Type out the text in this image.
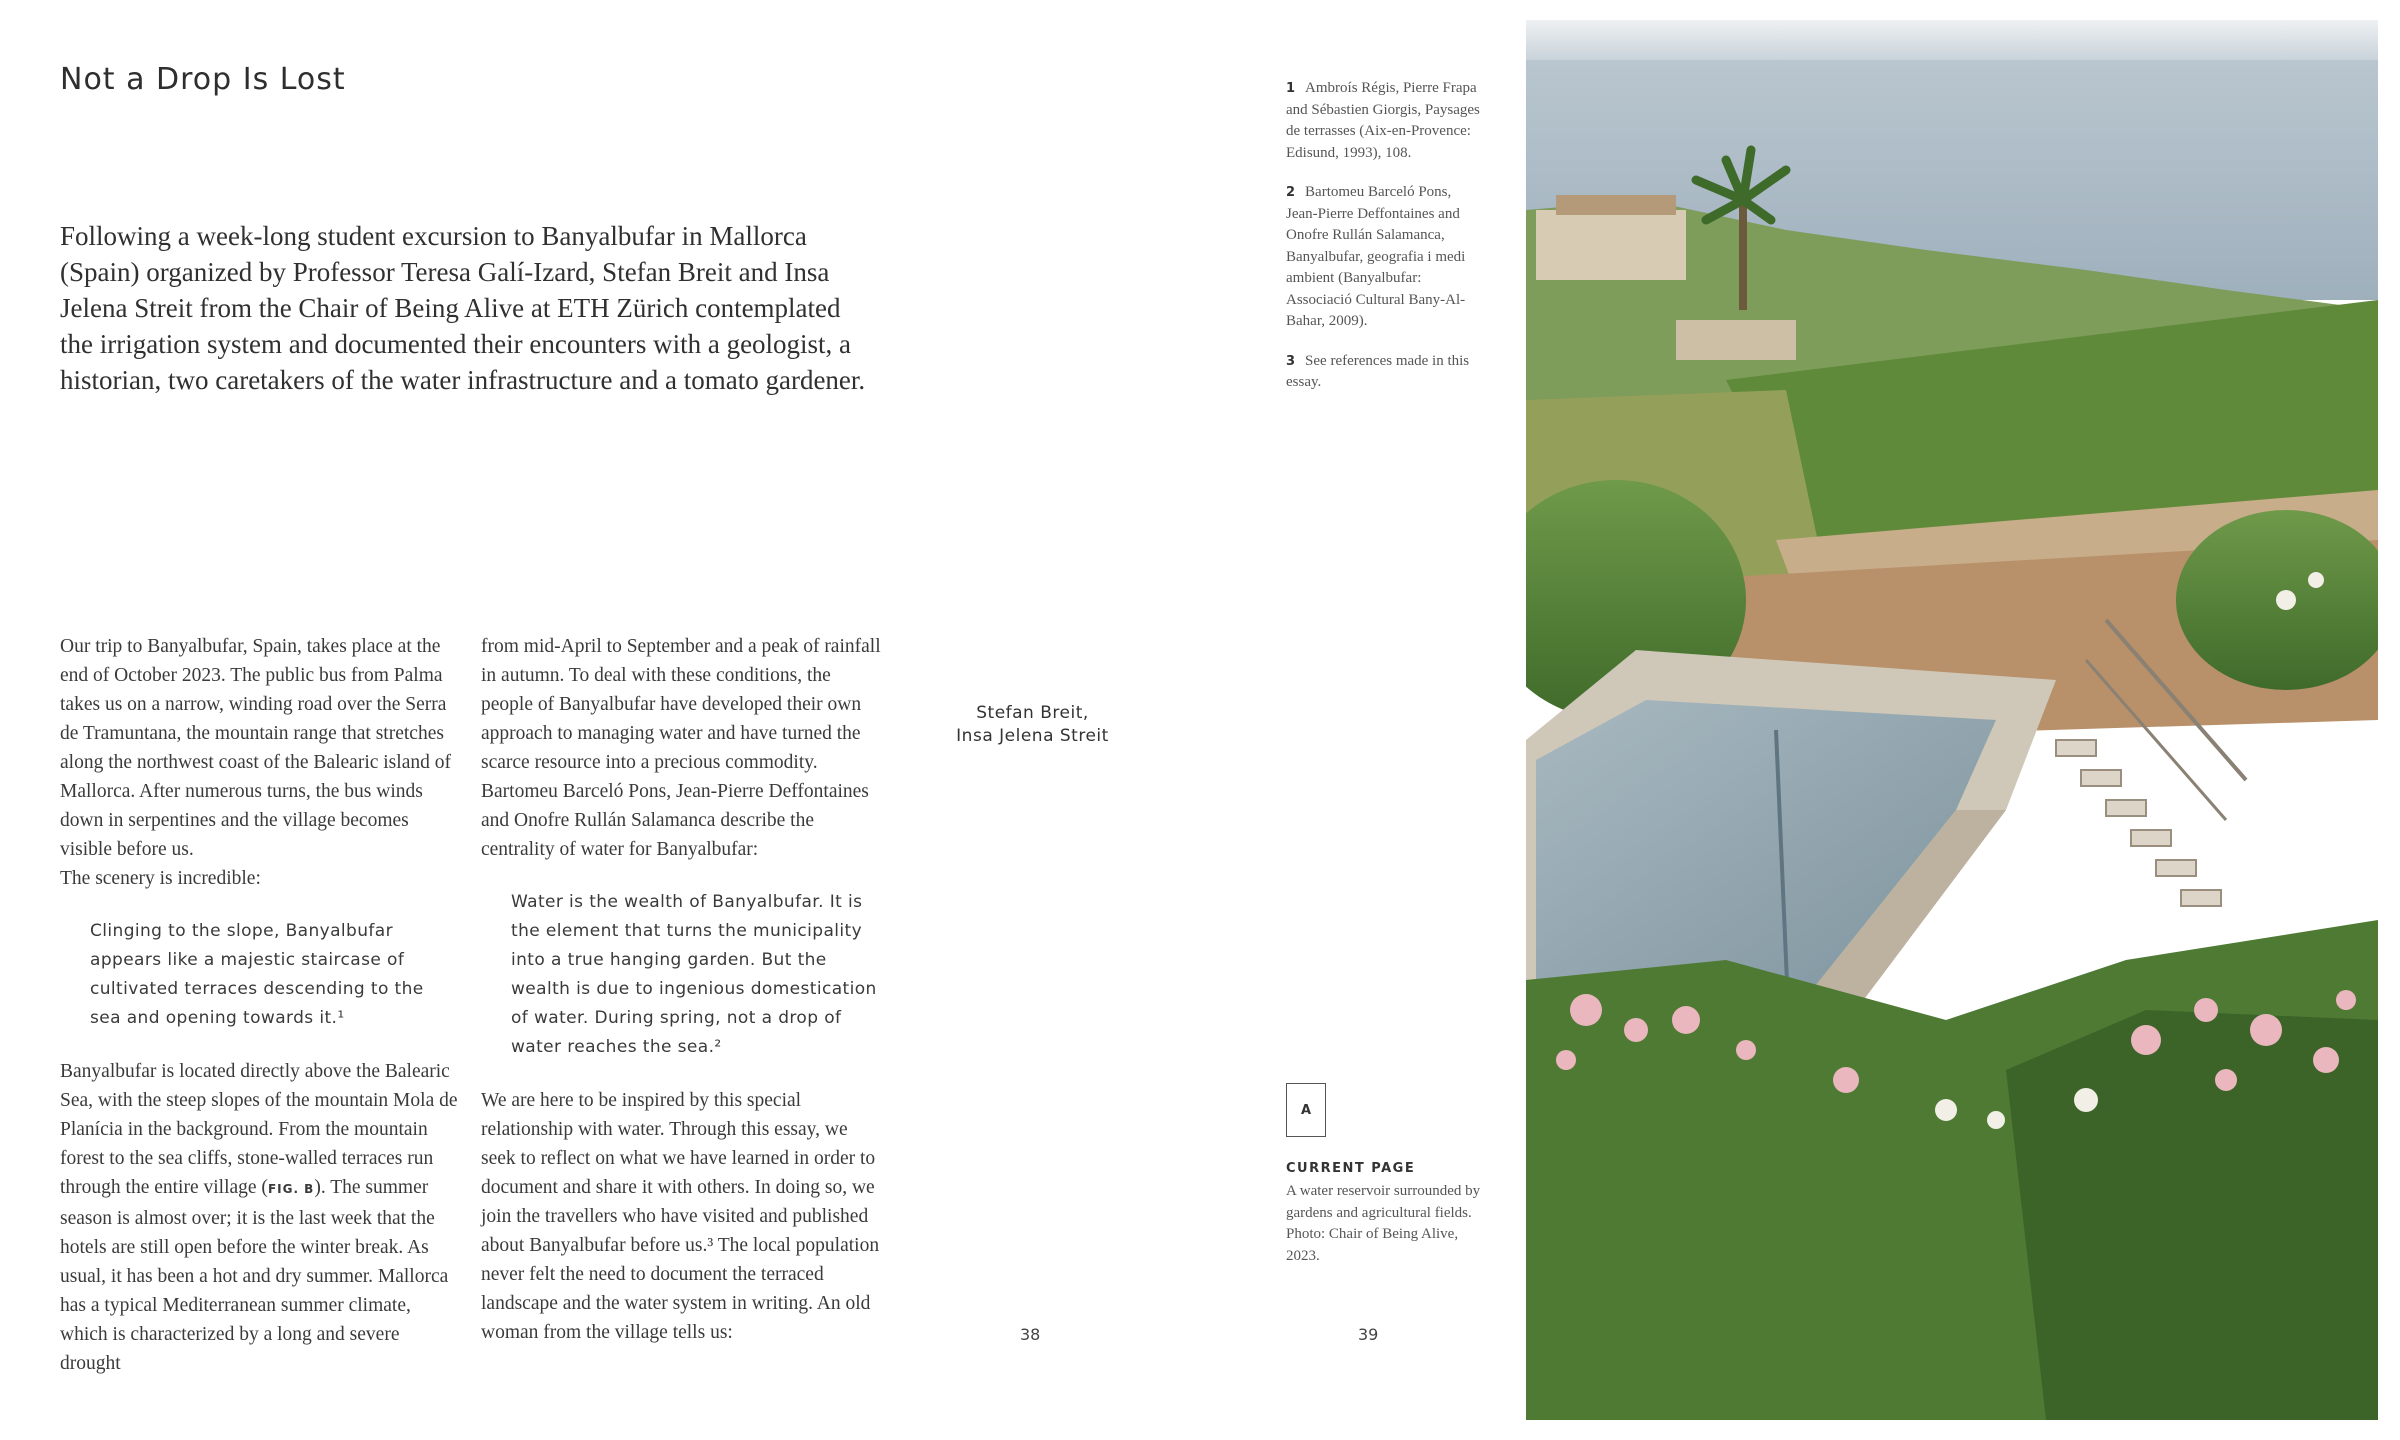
Not a Drop Is Lost

Following a week-long student excursion to Banyalbufar in Mallorca (Spain) organized by Professor Teresa Galí-Izard, Stefan Breit and Insa Jelena Streit from the Chair of Being Alive at ETH Zürich contemplated the irrigation system and documented their encounters with a geologist, a historian, two caretakers of the water infrastructure and a tomato gardener.

Our trip to Banyalbufar, Spain, takes place at the end of October 2023. The public bus from Palma takes us on a narrow, winding road over the Serra de Tramuntana, the mountain range that stretches along the northwest coast of the Balearic island of Mallorca. After numerous turns, the bus winds down in serpentines and the village becomes visible before us.

The scenery is incredible:

Clinging to the slope, Banyalbufar appears like a majestic staircase of cultivated terraces descending to the sea and opening towards it.¹

Banyalbufar is located directly above the Balearic Sea, with the steep slopes of the mountain Mola de Planícia in the background. From the mountain forest to the sea cliffs, stone-walled terraces run through the entire village (FIG. B). The summer season is almost over; it is the last week that the hotels are still open before the winter break. As usual, it has been a hot and dry summer. Mallorca has a typical Mediterranean summer climate, which is characterized by a long and severe drought

from mid-April to September and a peak of rainfall in autumn. To deal with these conditions, the people of Banyalbufar have developed their own approach to managing water and have turned the scarce resource into a precious commodity. Bartomeu Barceló Pons, Jean-Pierre Deffontaines and Onofre Rullán Salamanca describe the centrality of water for Banyalbufar:

Water is the wealth of Banyalbufar. It is the element that turns the municipality into a true hanging garden. But the wealth is due to ingenious domestication of water. During spring, not a drop of water reaches the sea.²

We are here to be inspired by this special relationship with water. Through this essay, we seek to reflect on what we have learned in order to document and share it with others. In doing so, we join the travellers who have visited and published about Banyalbufar before us.³ The local population never felt the need to document the terraced landscape and the water system in writing. An old woman from the village tells us:

Stefan Breit,
Insa Jelena Streit
1 Ambroís Régis, Pierre Frapa and Sébastien Giorgis, Paysages de terrasses (Aix-en-Provence: Edisund, 1993), 108.
2 Bartomeu Barceló Pons, Jean-Pierre Deffontaines and Onofre Rullán Salamanca, Banyalbufar, geografia i medi ambient (Banyalbufar: Associació Cultural Bany-Al-Bahar, 2009).
3 See references made in this essay.
A
CURRENT PAGE
A water reservoir surrounded by gardens and agricultural fields. Photo: Chair of Being Alive, 2023.
38	39
